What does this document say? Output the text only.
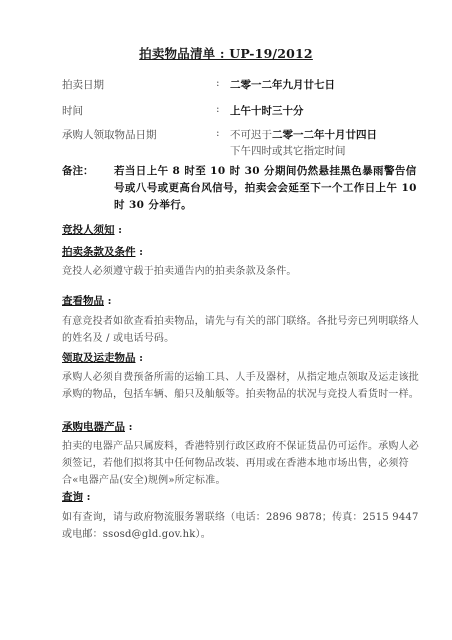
拍卖物品清单 : UP-19/2012
拍卖日期	: 二零一二年九月廿七日
时间	: 上午十时三十分
承购人领取物品日期	: 不可迟于二零一二年十月廿四日
下午四时或其它指定时间
备注： 若当日上午 8 时至 10 时 30 分期间仍然悬挂黑色暴雨警告信号或八号或更高台风信号，拍卖会会延至下一个工作日上午 10 时 30 分举行。
竞投人须知 :
拍卖条款及条件 :
竞投人必须遵守载于拍卖通告内的拍卖条款及条件。
查看物品 :
有意竞投者如欲查看拍卖物品，请先与有关的部门联络。各批号旁已列明联络人的姓名及 / 或电话号码。
领取及运走物品 :
承购人必须自费预备所需的运输工具、人手及器材，从指定地点领取及运走该批承购的物品，包括车辆、船只及舢舨等。拍卖物品的状况与竞投人看货时一样。
承购电器产品 :
拍卖的电器产品只属废料，香港特别行政区政府不保证货品仍可运作。承购人必须签记，若他们拟将其中任何物品改装、再用或在香港本地市场出售，必须符合«电器产品(安全)规例»所定标准。
查询 :
如有查询，请与政府物流服务署联络（电话：2896 9878；传真：2515 9447 或电邮：ssosd@gld.gov.hk）。
